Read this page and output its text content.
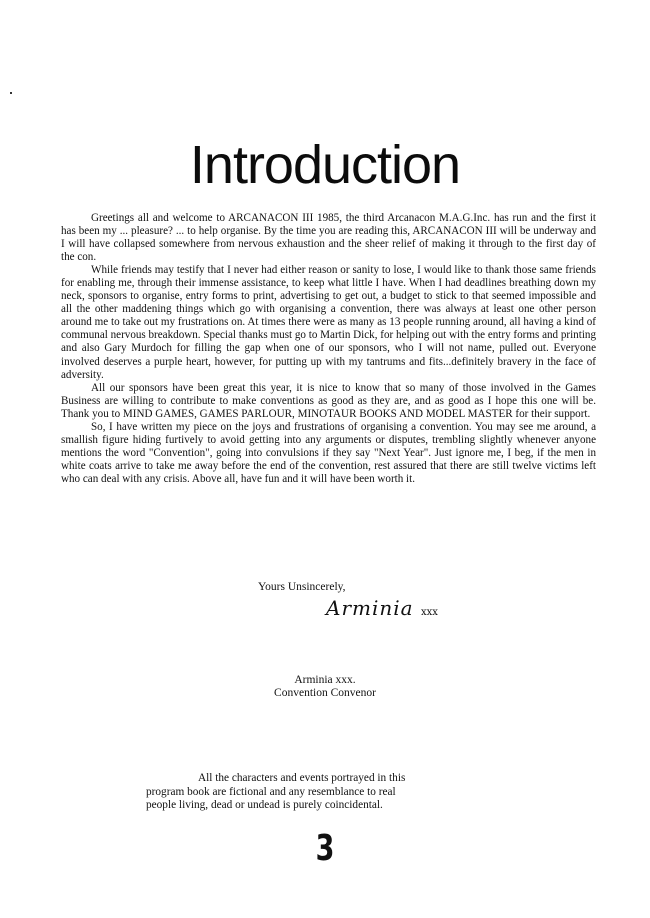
Introduction

Greetings all and welcome to ARCANACON III 1985, the third Arcanacon M.A.G.Inc. has run and the first it has been my ... pleasure? ... to help organise. By the time you are reading this, ARCANACON III will be underway and I will have collapsed somewhere from nervous exhaustion and the sheer relief of making it through to the first day of the con.

While friends may testify that I never had either reason or sanity to lose, I would like to thank those same friends for enabling me, through their immense assistance, to keep what little I have. When I had deadlines breathing down my neck, sponsors to organise, entry forms to print, advertising to get out, a budget to stick to that seemed impossible and all the other maddening things which go with organising a convention, there was always at least one other person around me to take out my frustrations on. At times there were as many as 13 people running around, all having a kind of communal nervous breakdown. Special thanks must go to Martin Dick, for helping out with the entry forms and printing and also Gary Murdoch for filling the gap when one of our sponsors, who I will not name, pulled out. Everyone involved deserves a purple heart, however, for putting up with my tantrums and fits...definitely bravery in the face of adversity.

All our sponsors have been great this year, it is nice to know that so many of those involved in the Games Business are willing to contribute to make conventions as good as they are, and as good as I hope this one will be. Thank you to MIND GAMES, GAMES PARLOUR, MINOTAUR BOOKS AND MODEL MASTER for their support.

So, I have written my piece on the joys and frustrations of organising a convention. You may see me around, a smallish figure hiding furtively to avoid getting into any arguments or disputes, trembling slightly whenever anyone mentions the word "Convention", going into convulsions if they say "Next Year". Just ignore me, I beg, if the men in white coats arrive to take me away before the end of the convention, rest assured that there are still twelve victims left who can deal with any crisis. Above all, have fun and it will have been worth it.

Yours Unsincerely,
Arminia xxx
Arminia xxx.
Convention Convenor
All the characters and events portrayed in this
program book are fictional and any resemblance to real
people living, dead or undead is purely coincidental.
3
